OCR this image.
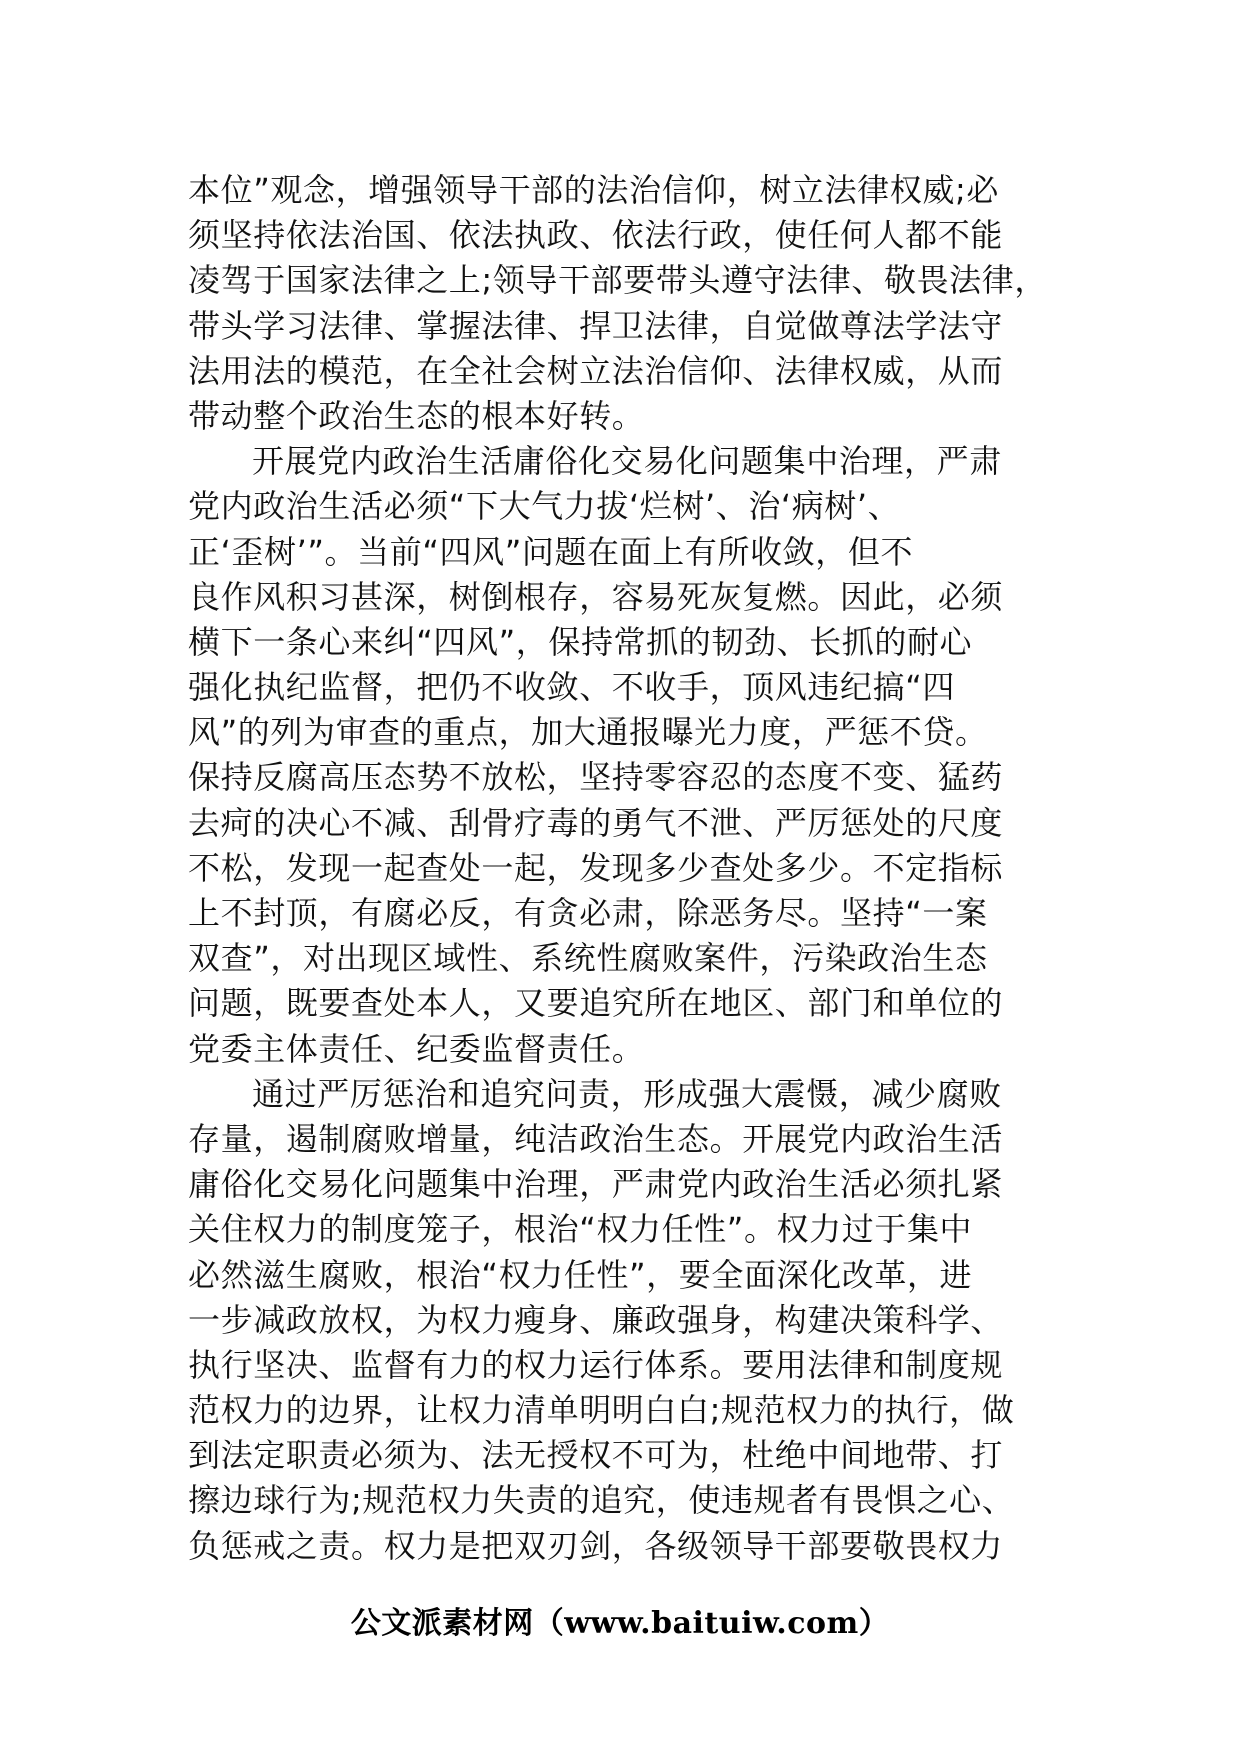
本位”观念，增强领导干部的法治信仰，树立法律权威;必
须坚持依法治国、依法执政、依法行政，使任何人都不能
凌驾于国家法律之上;领导干部要带头遵守法律、敬畏法律，
带头学习法律、掌握法律、捍卫法律，自觉做尊法学法守
法用法的模范，在全社会树立法治信仰、法律权威，从而
带动整个政治生态的根本好转。
开展党内政治生活庸俗化交易化问题集中治理，严肃
党内政治生活必须“下大气力拔‘烂树’、治‘病树’、
正‘歪树’”。当前“四风”问题在面上有所收敛，但不
良作风积习甚深，树倒根存，容易死灰复燃。因此，必须
横下一条心来纠“四风”，保持常抓的韧劲、长抓的耐心
强化执纪监督，把仍不收敛、不收手，顶风违纪搞“四
风”的列为审查的重点，加大通报曝光力度，严惩不贷。
保持反腐高压态势不放松，坚持零容忍的态度不变、猛药
去疴的决心不减、刮骨疗毒的勇气不泄、严厉惩处的尺度
不松，发现一起查处一起，发现多少查处多少。不定指标
上不封顶，有腐必反，有贪必肃，除恶务尽。坚持“一案
双查”，对出现区域性、系统性腐败案件，污染政治生态
问题，既要查处本人，又要追究所在地区、部门和单位的
党委主体责任、纪委监督责任。
通过严厉惩治和追究问责，形成强大震慑，减少腐败
存量，遏制腐败增量，纯洁政治生态。开展党内政治生活
庸俗化交易化问题集中治理，严肃党内政治生活必须扎紧
关住权力的制度笼子，根治“权力任性”。权力过于集中
必然滋生腐败，根治“权力任性”，要全面深化改革，进
一步减政放权，为权力瘦身、廉政强身，构建决策科学、
执行坚决、监督有力的权力运行体系。要用法律和制度规
范权力的边界，让权力清单明明白白;规范权力的执行，做
到法定职责必须为、法无授权不可为，杜绝中间地带、打
擦边球行为;规范权力失责的追究，使违规者有畏惧之心、
负惩戒之责。权力是把双刃剑，各级领导干部要敬畏权力
公文派素材网（www.baituiw.com）
